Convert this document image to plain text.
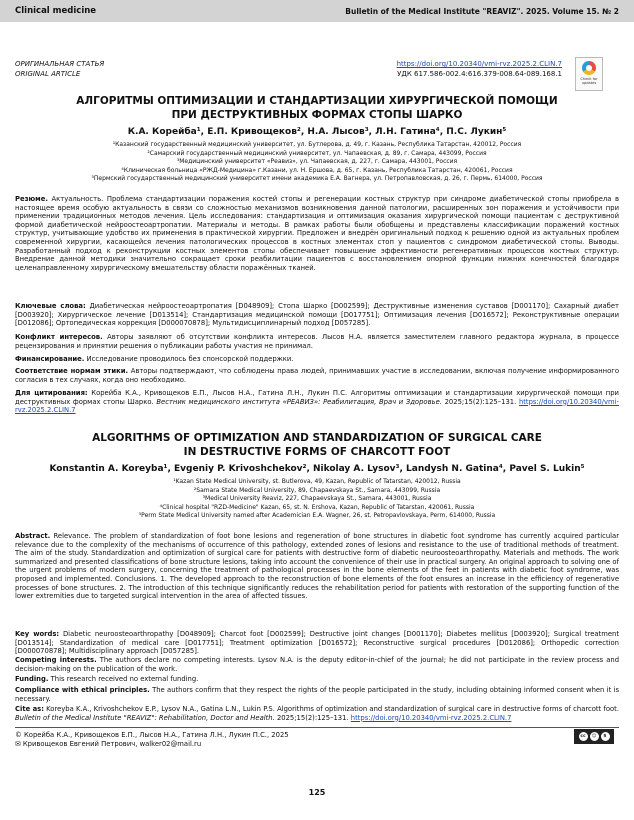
Clinical medicine	Bulletin of the Medical Institute "REAVIZ". 2025. Volume 15. № 2
ОРИГИНАЛЬНАЯ СТАТЬЯ
ORIGINAL ARTICLE
https://doi.org/10.20340/vmi-rvz.2025.2.CLIN.7
УДК 617.586-002.4:616.379-008.64-089.168.1
Check for updates
АЛГОРИТМЫ ОПТИМИЗАЦИИ И СТАНДАРТИЗАЦИИ ХИРУРГИЧЕСКОЙ ПОМОЩИ
ПРИ ДЕСТРУКТИВНЫХ ФОРМАХ СТОПЫ ШАРКО
К.А. Корейба¹, Е.П. Кривощеков², Н.А. Лысов³, Л.Н. Гатина⁴, П.С. Лукин⁵
¹Казанский государственный медицинский университет, ул. Бутлерова, д. 49, г. Казань, Республика Татарстан, 420012, Россия
²Самарский государственный медицинский университет, ул. Чапаевская, д. 89, г. Самара, 443099, Россия
³Медицинский университет «Реавиз», ул. Чапаевская, д. 227, г. Самара, 443001, Россия
⁴Клиническая больница «РЖД-Медицина» г.Казани, ул. Н. Ершова, д. 65, г. Казань, Республика Татарстан, 420061, Россия
⁵Пермский государственный медицинский университет имени академика Е.А. Вагнера, ул. Петропавловская, д. 26, г. Пермь, 614000, Россия
Резюме. Актуальность. Проблема стандартизации поражения костей стопы и регенерации костных структур при синдроме диабетической стопы приобрела в настоящее время особую актуальность в связи со сложностью механизмов возникновения данной патологии, расширенных зон поражения и устойчивости при применении традиционных методов лечения. Цель исследования: стандартизация и оптимизация оказания хирургической помощи пациентам с деструктивной формой диабетической нейроостеоартропатии. Материалы и методы. В рамках работы были обобщены и представлены классификации поражений костных структур, учитывающие удобство их применения в практической хирургии. Предложен и внедрён оригинальный подход к решению одной из актуальных проблем современной хирургии, касающейся лечения патологических процессов в костных элементах стоп у пациентов с синдромом диабетической стопы. Выводы. Разработанный подход к реконструкции костных элементов стопы обеспечивает повышение эффективности регенеративных процессов костных структур. Внедрение данной методики значительно сокращает сроки реабилитации пациентов с восстановлением опорной функции нижних конечностей благодаря целенаправленному хирургическому вмешательству области поражённых тканей.
Ключевые слова: Диабетическая нейроостеоартропатия [D048909]; Стопа Шарко [D002599]; Деструктивные изменения суставов [D001170]; Сахарный диабет [D003920]; Хирургическое лечение [D013514]; Стандартизация медицинской помощи [D017751]; Оптимизация лечения [D016572]; Реконструктивные операции [D012086]; Ортопедическая коррекция [D000070878]; Мультидисциплинарный подход [D057285].
Конфликт интересов. Авторы заявляют об отсутствии конфликта интересов. Лысов Н.А. является заместителем главного редактора журнала, в процессе рецензирования и принятии решения о публикации работы участия не принимал.
Финансирование. Исследование проводилось без спонсорской поддержки.
Соответствие нормам этики. Авторы подтверждают, что соблюдены права людей, принимавших участие в исследовании, включая получение информированного согласия в тех случаях, когда оно необходимо.
Для цитирования: Корейба К.А., Кривощеков Е.П., Лысов Н.А., Гатина Л.Н., Лукин П.С. Алгоритмы оптимизации и стандартизации хирургической помощи при деструктивных формах стопы Шарко. Вестник медицинского института «РЕАВИЗ»: Реабилитация, Врач и Здоровье. 2025;15(2):125–131. https://doi.org/10.20340/vmi-rvz.2025.2.CLIN.7
ALGORITHMS OF OPTIMIZATION AND STANDARDIZATION OF SURGICAL CARE
IN DESTRUCTIVE FORMS OF CHARCOTT FOOT
Konstantin A. Koreyba¹, Evgeniy P. Krivoshchekov², Nikolay A. Lysov³, Landysh N. Gatina⁴, Pavel S. Lukin⁵
¹Kazan State Medical University, st. Butlerova, 49, Kazan, Republic of Tatarstan, 420012, Russia
²Samara State Medical University, 89, Chapaevskaya St., Samara, 443099, Russia
³Medical University Reaviz, 227, Chapaevskaya St., Samara, 443001, Russia
⁴Clinical hospital "RZD-Medicine" Kazan, 65, st. N. Ershova, Kazan, Republic of Tatarstan, 420061, Russia
⁵Perm State Medical University named after Academician E.A. Wagner, 26, st. Petropavlovskaya, Perm, 614000, Russia
Abstract. Relevance. The problem of standardization of foot bone lesions and regeneration of bone structures in diabetic foot syndrome has currently acquired particular relevance due to the complexity of the mechanisms of occurrence of this pathology, extended zones of lesions and resistance to the use of traditional methods of treatment. The aim of the study. Standardization and optimization of surgical care for patients with destructive form of diabetic neuroosteoarthropathy. Materials and methods. The work summarized and presented classifications of bone structure lesions, taking into account the convenience of their use in practical surgery. An original approach to solving one of the urgent problems of modern surgery, concerning the treatment of pathological processes in the bone elements of the feet in patients with diabetic foot syndrome, was proposed and implemented. Conclusions. 1. The developed approach to the reconstruction of bone elements of the foot ensures an increase in the efficiency of regenerative processes of bone structures. 2. The introduction of this technique significantly reduces the rehabilitation period for patients with restoration of the supporting function of the lower extremities due to targeted surgical intervention in the area of affected tissues.
Key words: Diabetic neuroosteoarthropathy [D048909]; Charcot foot [D002599]; Destructive joint changes [D001170]; Diabetes mellitus [D003920]; Surgical treatment [D013514]; Standardization of medical care [D017751]; Treatment optimization [D016572]; Reconstructive surgical procedures [D012086]; Orthopedic correction [D000070878]; Multidisciplinary approach [D057285].
Competing interests. The authors declare no competing interests. Lysov N.A. is the deputy editor-in-chief of the journal; he did not participate in the review process and decision-making on the publication of the work.
Funding. This research received no external funding.
Compliance with ethical principles. The authors confirm that they respect the rights of the people participated in the study, including obtaining informed consent when it is necessary.
Cite as: Koreyba K.A., Krivoshchekov E.P., Lysov N.A., Gatina L.N., Lukin P.S. Algorithms of optimization and standardization of surgical care in destructive forms of charcott foot. Bulletin of the Medical Institute "REAVIZ": Rehabilitation, Doctor and Health. 2025;15(2):125–131. https://doi.org/10.20340/vmi-rvz.2025.2.CLIN.7
© Корейба К.А., Кривощеков Е.П., Лысов Н.А., Гатина Л.Н., Лукин П.С., 2025
✉ Кривощеков Евгений Петрович, walker02@mail.ru
cc	☺	$
125
